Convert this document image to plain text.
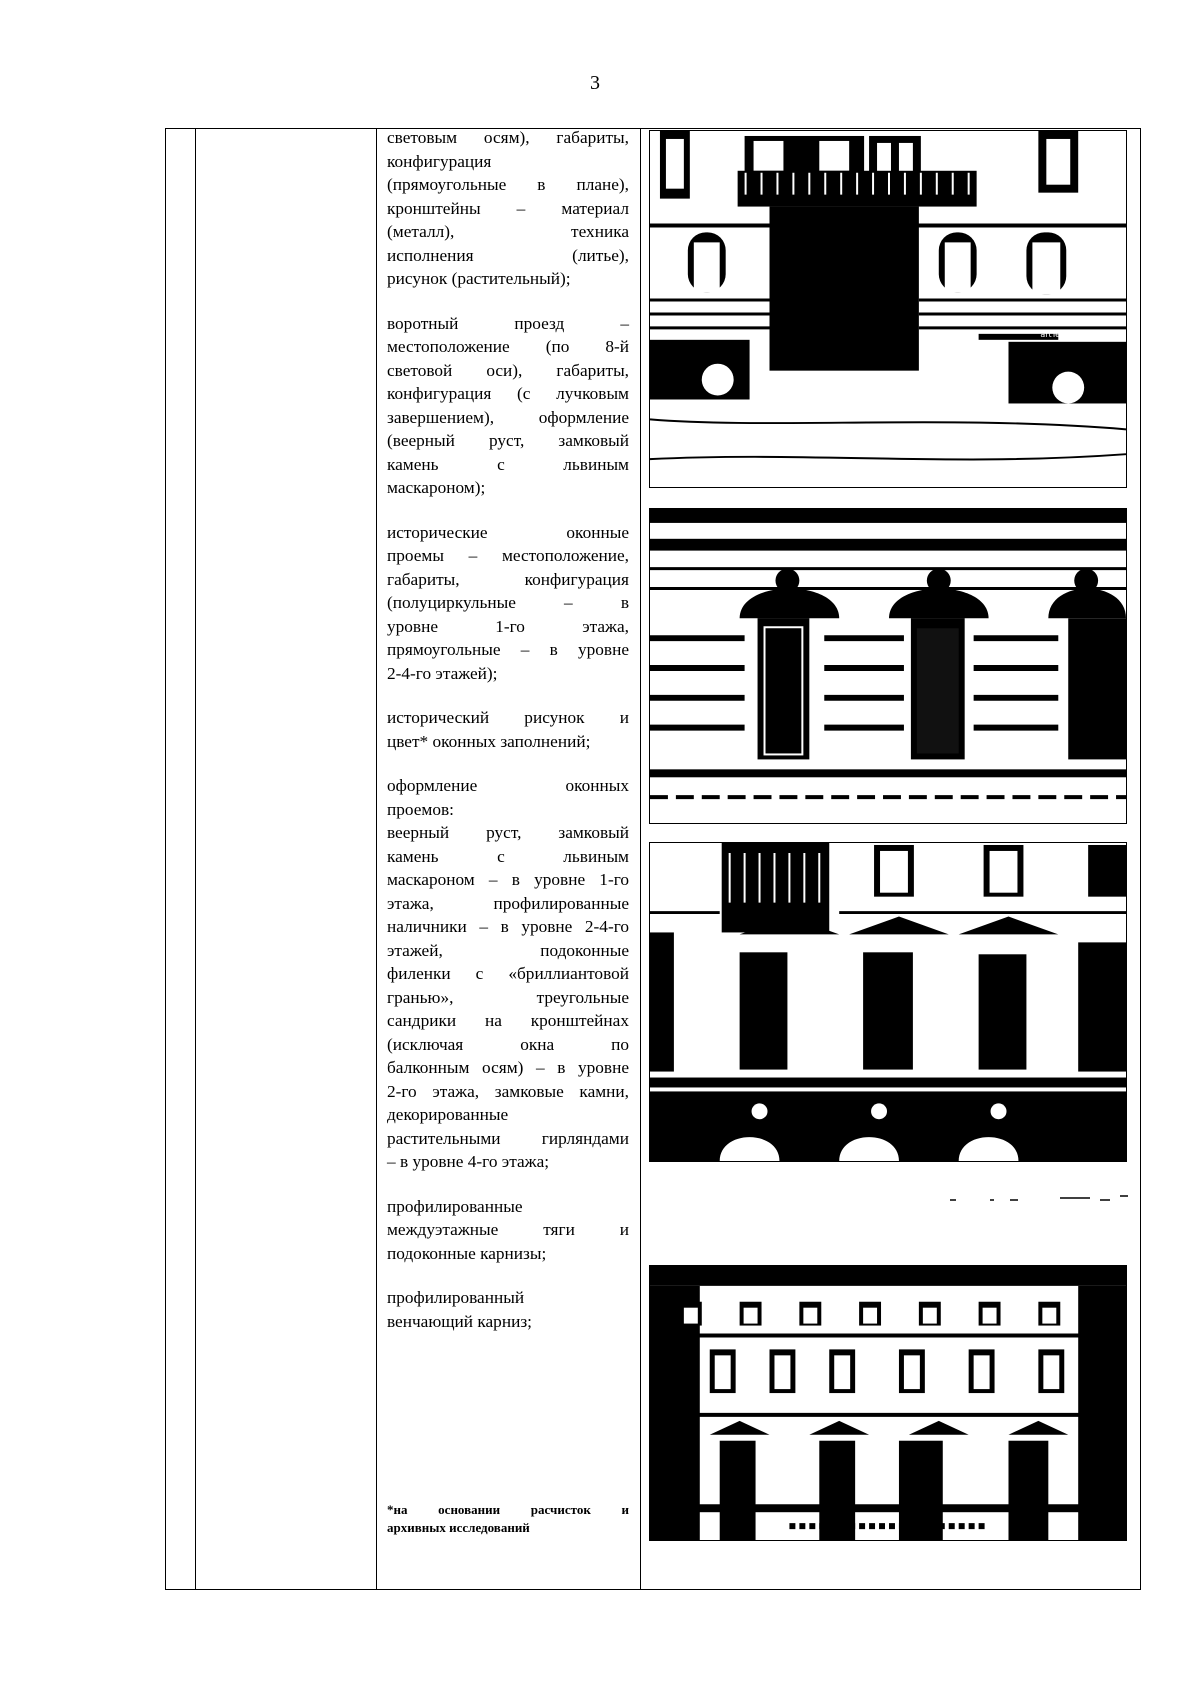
3

световым осям), габариты,
конфигурация
(прямоугольные в плане),
кронштейны – материал
(металл), техника
исполнения (литье),
рисунок (растительный);

воротный проезд –
местоположение (по 8-й
световой оси), габариты,
конфигурация (с лучковым
завершением), оформление
(веерный руст, замковый
камень с львиным
маскароном);

исторические оконные
проемы – местоположение,
габариты, конфигурация
(полуциркульные – в
уровне 1-го этажа,
прямоугольные – в уровне
2-4-го этажей);

исторический рисунок и
цвет* оконных заполнений;

оформление оконных
проемов:
веерный руст, замковый
камень с львиным
маскароном – в уровне 1-го
этажа, профилированные
наличники – в уровне 2-4-го
этажей, подоконные
филенки с «бриллиантовой
гранью», треугольные
сандрики на кронштейнах
(исключая окна по
балконным осям) – в уровне
2-го этажа, замковые камни,
декорированные
растительными гирляндами
– в уровне 4-го этажа;

профилированные
междуэтажные тяги и
подоконные карнизы;

профилированный
венчающий карниз;

*на основании расчисток и
архивных исследований
artTeam
